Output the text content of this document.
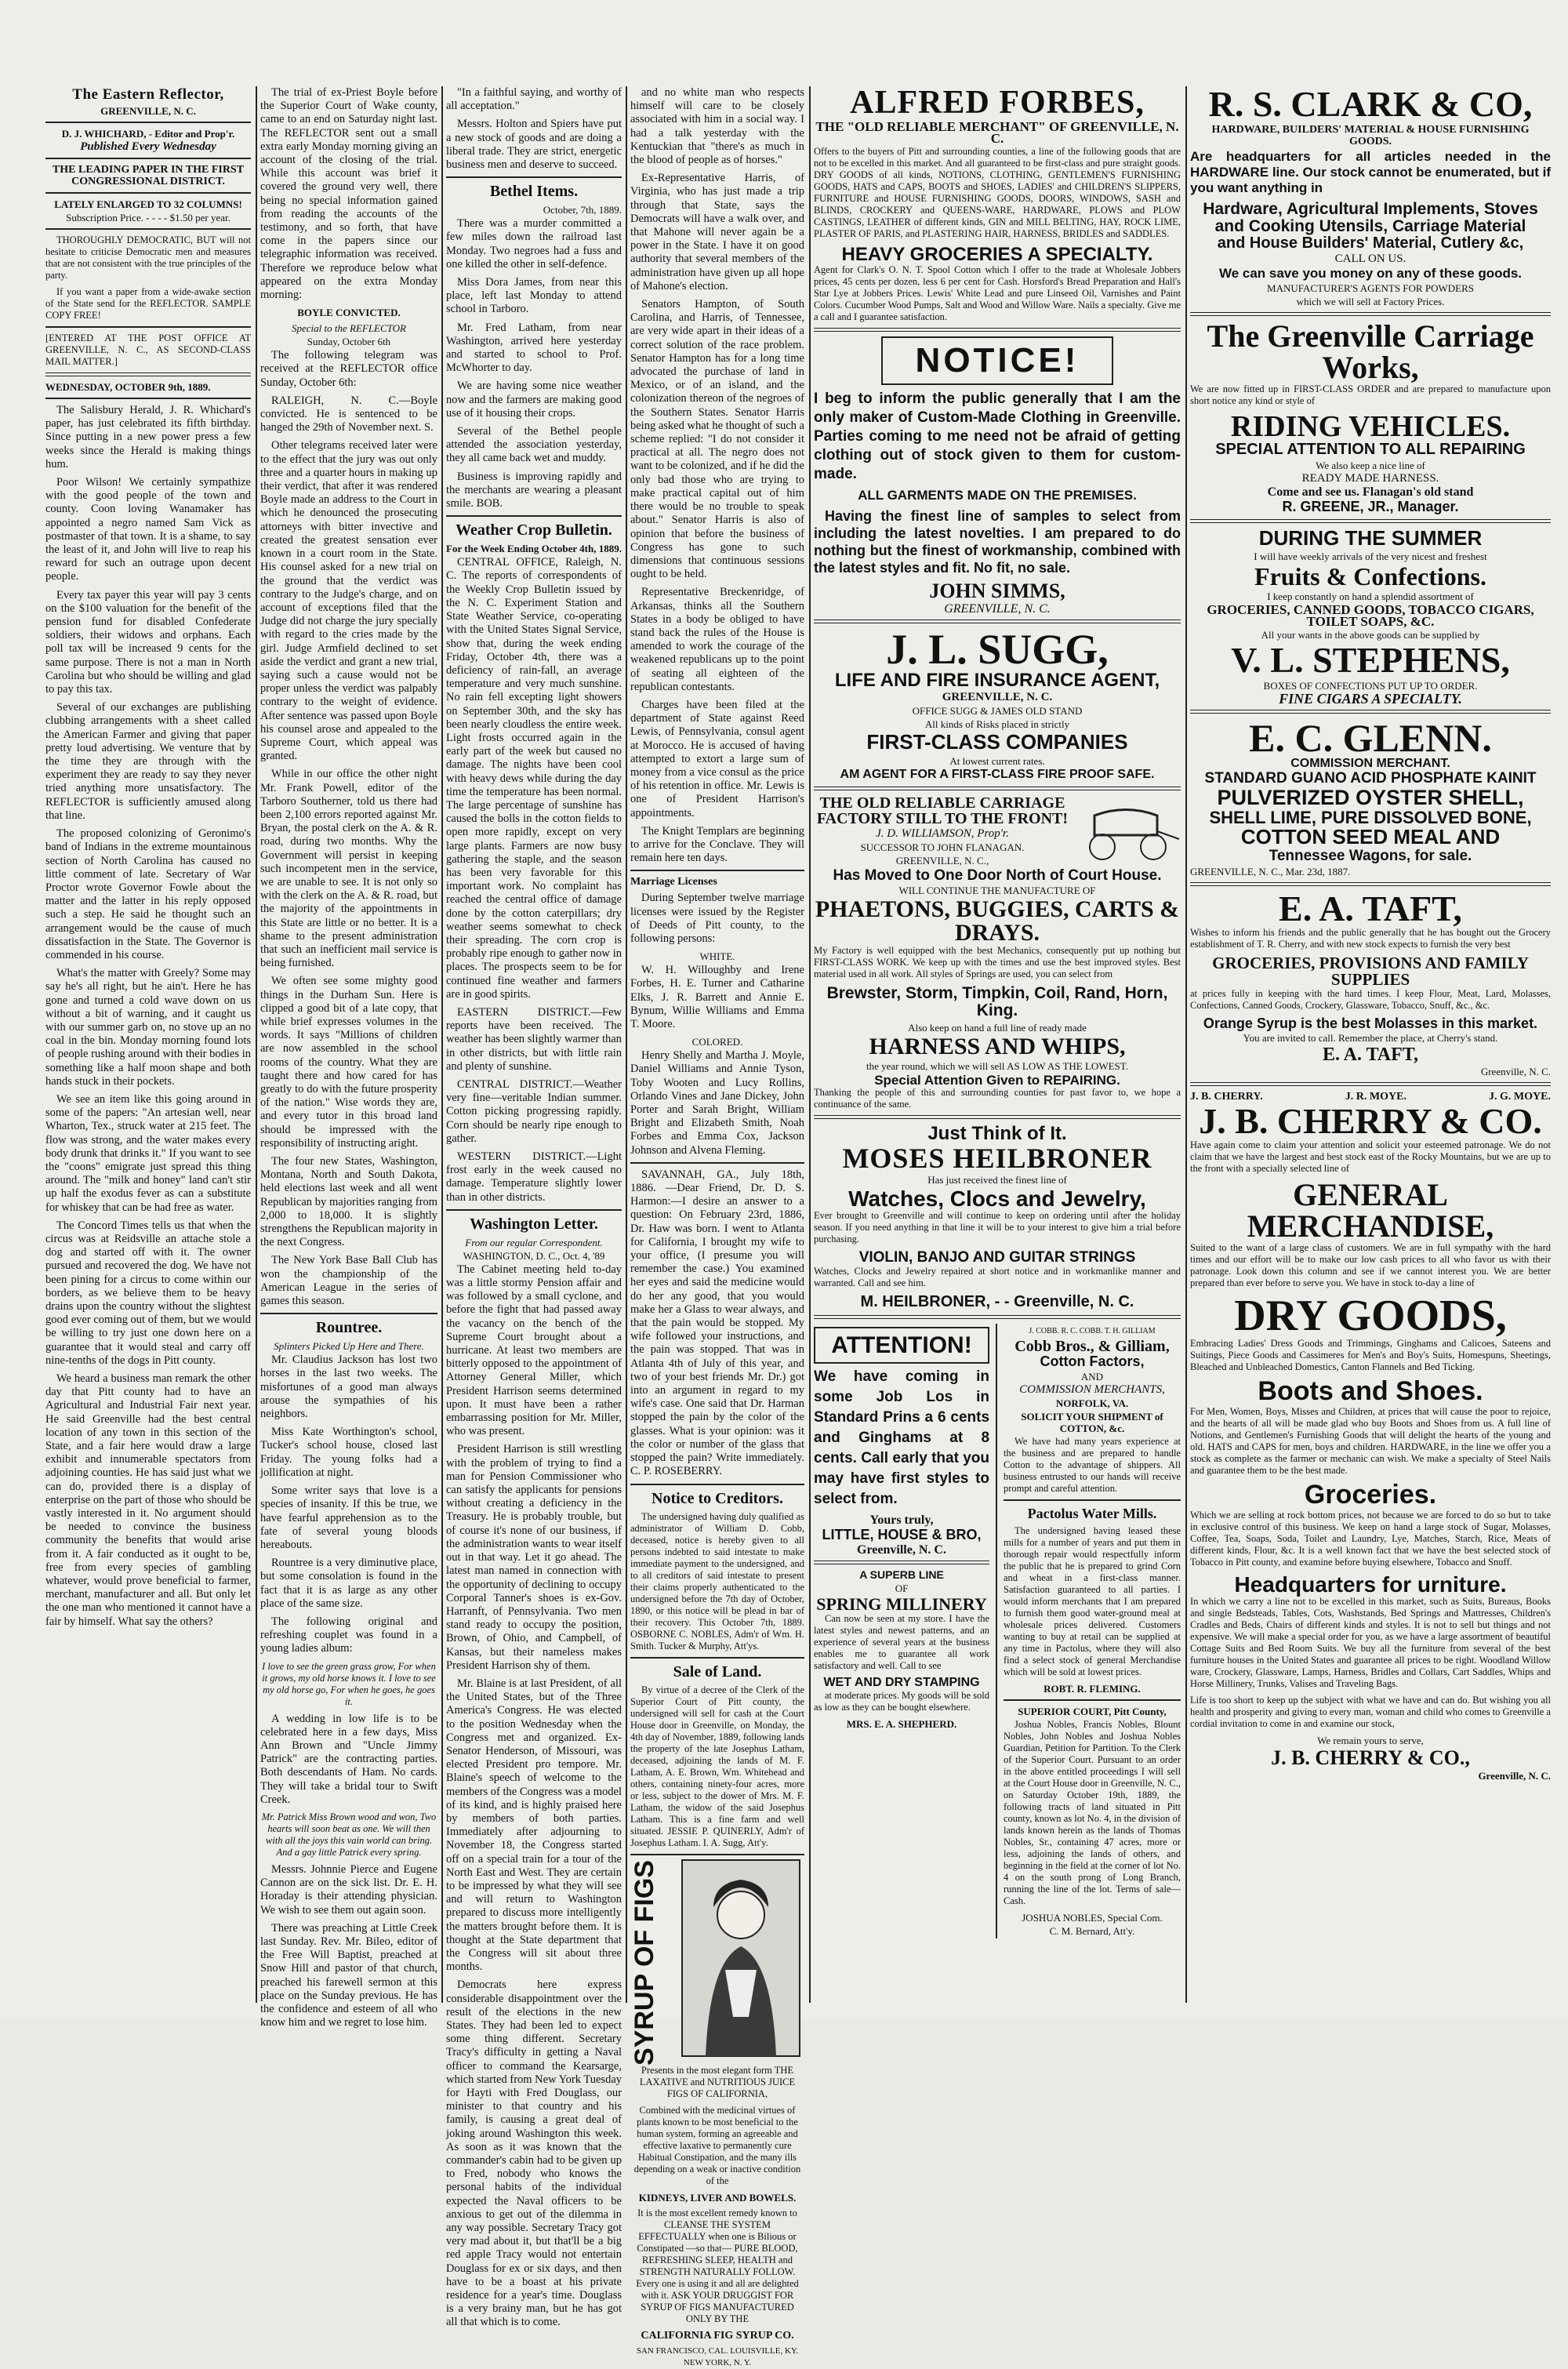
The Eastern Reflector,
GREENVILLE, N. C.
D. J. WHICHARD, - Editor and Prop'r.
Published Every Wednesday
THE LEADING PAPER IN THE FIRST CONGRESSIONAL DISTRICT.
LATELY ENLARGED TO 32 COLUMNS!
Subscription Price. - - - - $1.50 per year.

THOROUGHLY DEMOCRATIC, BUT will not hesitate to criticise Democratic men and measures that are not consistent with the true principles of the party.

If you want a paper from a wide-awake section of the State send for the REFLECTOR. SAMPLE COPY FREE!

[ENTERED AT THE POST OFFICE AT GREENVILLE, N. C., AS SECOND-CLASS MAIL MATTER.]

WEDNESDAY, OCTOBER 9th, 1889.

The Salisbury Herald, J. R. Whichard's paper, has just celebrated its fifth birthday. Since putting in a new power press a few weeks since the Herald is making things hum.

Poor Wilson! We certainly sympathize with the good people of the town and county. Coon loving Wanamaker has appointed a negro named Sam Vick as postmaster of that town. It is a shame, to say the least of it, and John will live to reap his reward for such an outrage upon decent people.

Every tax payer this year will pay 3 cents on the $100 valuation for the benefit of the pension fund for disabled Confederate soldiers, their widows and orphans. Each poll tax will be increased 9 cents for the same purpose. There is not a man in North Carolina but who should be willing and glad to pay this tax.

Several of our exchanges are publishing clubbing arrangements with a sheet called the American Farmer and giving that paper pretty loud advertising. We venture that by the time they are through with the experiment they are ready to say they never tried anything more unsatisfactory. The REFLECTOR is sufficiently amused along that line.

The proposed colonizing of Geronimo's band of Indians in the extreme mountainous section of North Carolina has caused no little comment of late. Secretary of War Proctor wrote Governor Fowle about the matter and the latter in his reply opposed such a step. He said he thought such an arrangement would be the cause of much dissatisfaction in the State. The Governor is commended in his course.

What's the matter with Greely? Some may say he's all right, but he ain't. Here he has gone and turned a cold wave down on us without a bit of warning, and it caught us with our summer garb on, no stove up an no coal in the bin. Monday morning found lots of people rushing around with their bodies in something like a half moon shape and both hands stuck in their pockets.

We see an item like this going around in some of the papers: "An artesian well, near Wharton, Tex., struck water at 215 feet. The flow was strong, and the water makes every body drunk that drinks it." If you want to see the "coons" emigrate just spread this thing around. The "milk and honey" land can't stir up half the exodus fever as can a substitute for whiskey that can be had free as water.

The Concord Times tells us that when the circus was at Reidsville an attache stole a dog and started off with it. The owner pursued and recovered the dog. We have not been pining for a circus to come within our borders, as we believe them to be heavy drains upon the country without the slightest good ever coming out of them, but we would be willing to try just one down here on a guarantee that it would steal and carry off nine-tenths of the dogs in Pitt county.

We heard a business man remark the other day that Pitt county had to have an Agricultural and Industrial Fair next year. He said Greenville had the best central location of any town in this section of the State, and a fair here would draw a large exhibit and innumerable spectators from adjoining counties. He has said just what we can do, provided there is a display of enterprise on the part of those who should be vastly interested in it. No argument should be needed to convince the business community the benefits that would arise from it. A fair conducted as it ought to be, free from every species of gambling whatever, would prove beneficial to farmer, merchant, manufacturer and all. But only let the one man who mentioned it cannot have a fair by himself. What say the others?

The trial of ex-Priest Boyle before the Superior Court of Wake county, came to an end on Saturday night last. The REFLECTOR sent out a small extra early Monday morning giving an account of the closing of the trial. While this account was brief it covered the ground very well, there being no special information gained from reading the accounts of the testimony, and so forth, that have come in the papers since our telegraphic information was received. Therefore we reproduce below what appeared on the extra Monday morning:

BOYLE CONVICTED.
Special to the REFLECTOR
Sunday, October 6th

The following telegram was received at the REFLECTOR office Sunday, October 6th:

RALEIGH, N. C.—Boyle convicted. He is sentenced to be hanged the 29th of November next. S.

Other telegrams received later were to the effect that the jury was out only three and a quarter hours in making up their verdict, that after it was rendered Boyle made an address to the Court in which he denounced the prosecuting attorneys with bitter invective and created the greatest sensation ever known in a court room in the State. His counsel asked for a new trial on the ground that the verdict was contrary to the Judge's charge, and on account of exceptions filed that the Judge did not charge the jury specially with regard to the cries made by the girl. Judge Armfield declined to set aside the verdict and grant a new trial, saying such a cause would not be proper unless the verdict was palpably contrary to the weight of evidence. After sentence was passed upon Boyle his counsel arose and appealed to the Supreme Court, which appeal was granted.

While in our office the other night Mr. Frank Powell, editor of the Tarboro Southerner, told us there had been 2,100 errors reported against Mr. Bryan, the postal clerk on the A. & R. road, during two months. Why the Government will persist in keeping such incompetent men in the service, we are unable to see. It is not only so with the clerk on the A. & R. road, but the majority of the appointments in this State are little or no better. It is a shame to the present administration that such an inefficient mail service is being furnished.

We often see some mighty good things in the Durham Sun. Here is clipped a good bit of a late copy, that while brief expresses volumes in the words. It says "Millions of children are now assembled in the school rooms of the country. What they are taught there and how cared for has greatly to do with the future prosperity of the nation." Wise words they are, and every tutor in this broad land should be impressed with the responsibility of instructing aright.

The four new States, Washington, Montana, North and South Dakota, held elections last week and all went Republican by majorities ranging from 2,000 to 18,000. It is slightly strengthens the Republican majority in the next Congress.

The New York Base Ball Club has won the championship of the American League in the series of games this season.

Rountree.
Splinters Picked Up Here and There.

Mr. Claudius Jackson has lost two horses in the last two weeks. The misfortunes of a good man always arouse the sympathies of his neighbors.

Miss Kate Worthington's school, Tucker's school house, closed last Friday. The young folks had a jollification at night.

Some writer says that love is a species of insanity. If this be true, we have fearful apprehension as to the fate of several young bloods hereabouts.

Rountree is a very diminutive place, but some consolation is found in the fact that it is as large as any other place of the same size.

The following original and refreshing couplet was found in a young ladies album:

I love to see the green grass grow, For when it grows, my old horse knows it. I love to see my old horse go, For when he goes, he goes it.

A wedding in low life is to be celebrated here in a few days, Miss Ann Brown and "Uncle Jimmy Patrick" are the contracting parties. Both descendants of Ham. No cards. They will take a bridal tour to Swift Creek.

Mr. Patrick Miss Brown wood and won, Two hearts will soon beat as one. We will then with all the joys this vain world can bring. And a gay little Patrick every spring.

Messrs. Johnnie Pierce and Eugene Cannon are on the sick list. Dr. E. H. Horaday is their attending physician. We wish to see them out again soon.

There was preaching at Little Creek last Sunday. Rev. Mr. Bileo, editor of the Free Will Baptist, preached at Snow Hill and pastor of that church, preached his farewell sermon at this place on the Sunday previous. He has the confidence and esteem of all who know him and we regret to lose him.

"In a faithful saying, and worthy of all acceptation."

Messrs. Holton and Spiers have put a new stock of goods and are doing a liberal trade. They are strict, energetic business men and deserve to succeed.

Bethel Items.
October, 7th, 1889.

There was a murder committed a few miles down the railroad last Monday. Two negroes had a fuss and one killed the other in self-defence.

Miss Dora James, from near this place, left last Monday to attend school in Tarboro.

Mr. Fred Latham, from near Washington, arrived here yesterday and started to school to Prof. McWhorter to day.

We are having some nice weather now and the farmers are making good use of it housing their crops.

Several of the Bethel people attended the association yesterday, they all came back wet and muddy.

Business is improving rapidly and the merchants are wearing a pleasant smile. BOB.

Weather Crop Bulletin.
For the Week Ending October 4th, 1889.

CENTRAL OFFICE, Raleigh, N. C. The reports of correspondents of the Weekly Crop Bulletin issued by the N. C. Experiment Station and State Weather Service, co-operating with the United States Signal Service, show that, during the week ending Friday, October 4th, there was a deficiency of rain-fall, an average temperature and very much sunshine. No rain fell excepting light showers on September 30th, and the sky has been nearly cloudless the entire week. Light frosts occurred again in the early part of the week but caused no damage. The nights have been cool with heavy dews while during the day time the temperature has been normal. The large percentage of sunshine has caused the bolls in the cotton fields to open more rapidly, except on very large plants. Farmers are now busy gathering the staple, and the season has been very favorable for this important work. No complaint has reached the central office of damage done by the cotton caterpillars; dry weather seems somewhat to check their spreading. The corn crop is probably ripe enough to gather now in places. The prospects seem to be for continued fine weather and farmers are in good spirits.

EASTERN DISTRICT.—Few reports have been received. The weather has been slightly warmer than in other districts, but with little rain and plenty of sunshine.

CENTRAL DISTRICT.—Weather very fine—veritable Indian summer. Cotton picking progressing rapidly. Corn should be nearly ripe enough to gather.

WESTERN DISTRICT.—Light frost early in the week caused no damage. Temperature slightly lower than in other districts.

Washington Letter.
From our regular Correspondent.
WASHINGTON, D. C., Oct. 4, '89

The Cabinet meeting held to-day was a little stormy Pension affair and was followed by a small cyclone, and before the fight that had passed away the vacancy on the bench of the Supreme Court brought about a hurricane. At least two members are bitterly opposed to the appointment of Attorney General Miller, which President Harrison seems determined upon. It must have been a rather embarrassing position for Mr. Miller, who was present.

President Harrison is still wrestling with the problem of trying to find a man for Pension Commissioner who can satisfy the applicants for pensions without creating a deficiency in the Treasury. He is probably trouble, but of course it's none of our business, if the administration wants to wear itself out in that way. Let it go ahead. The latest man named in connection with the opportunity of declining to occupy Corporal Tanner's shoes is ex-Gov. Harranft, of Pennsylvania. Two men stand ready to occupy the position, Brown, of Ohio, and Campbell, of Kansas, but their nameless makes President Harrison shy of them.

Mr. Blaine is at last President, of all the United States, but of the Three America's Congress. He was elected to the position Wednesday when the Congress met and organized. Ex-Senator Henderson, of Missouri, was elected President pro tempore. Mr. Blaine's speech of welcome to the members of the Congress was a model of its kind, and is highly praised here by members of both parties. Immediately after adjourning to November 18, the Congress started off on a special train for a tour of the North East and West. They are certain to be impressed by what they will see and will return to Washington prepared to discuss more intelligently the matters brought before them. It is thought at the State department that the Congress will sit about three months.

Democrats here express considerable disappointment over the result of the elections in the new States. They had been led to expect some thing different. Secretary Tracy's difficulty in getting a Naval officer to command the Kearsarge, which started from New York Tuesday for Hayti with Fred Douglass, our minister to that country and his family, is causing a great deal of joking around Washington this week. As soon as it was known that the commander's cabin had to be given up to Fred, nobody who knows the personal habits of the individual expected the Naval officers to be anxious to get out of the dilemma in any way possible. Secretary Tracy got very mad about it, but that'll be a big red apple Tracy would not entertain Douglass for ex or six days, and then have to be a boast at his private residence for a year's time. Douglass is a very brainy man, but he has got all that which is to come.

and no white man who respects himself will care to be closely associated with him in a social way. I had a talk yesterday with the Kentuckian that "there's as much in the blood of people as of horses."

Ex-Representative Harris, of Virginia, who has just made a trip through that State, says the Democrats will have a walk over, and that Mahone will never again be a power in the State. I have it on good authority that several members of the administration have given up all hope of Mahone's election.

Senators Hampton, of South Carolina, and Harris, of Tennessee, are very wide apart in their ideas of a correct solution of the race problem. Senator Hampton has for a long time advocated the purchase of land in Mexico, or of an island, and the colonization thereon of the negroes of the Southern States. Senator Harris being asked what he thought of such a scheme replied: "I do not consider it practical at all. The negro does not want to be colonized, and if he did the only bad those who are trying to make practical capital out of him there would be no trouble to speak about." Senator Harris is also of opinion that before the business of Congress has gone to such dimensions that continuous sessions ought to be held.

Representative Breckenridge, of Arkansas, thinks all the Southern States in a body be obliged to have stand back the rules of the House is amended to work the courage of the weakened republicans up to the point of seating all eighteen of the republican contestants.

Charges have been filed at the department of State against Reed Lewis, of Pennsylvania, consul agent at Morocco. He is accused of having attempted to extort a large sum of money from a vice consul as the price of his retention in office. Mr. Lewis is one of President Harrison's appointments.

The Knight Templars are beginning to arrive for the Conclave. They will remain here ten days.

Marriage Licenses

During September twelve marriage licenses were issued by the Register of Deeds of Pitt county, to the following persons:

WHITE.

W. H. Willoughby and Irene Forbes, H. E. Turner and Catharine Elks, J. R. Barrett and Annie E. Bynum, Willie Williams and Emma T. Moore.

COLORED.

Henry Shelly and Martha J. Moyle, Daniel Williams and Annie Tyson, Toby Wooten and Lucy Rollins, Orlando Vines and Jane Dickey, John Porter and Sarah Bright, William Bright and Elizabeth Smith, Noah Forbes and Emma Cox, Jackson Johnson and Alvena Fleming.

SAVANNAH, GA., July 18th, 1886. —Dear Friend, Dr. D. S. Harmon:—I desire an answer to a question: On February 23rd, 1886, Dr. Haw was born. I went to Atlanta for California, I brought my wife to your office, (I presume you will remember the case.) You examined her eyes and said the medicine would do her any good, that you would make her a Glass to wear always, and that the pain would be stopped. My wife followed your instructions, and the pain was stopped. That was in Atlanta 4th of July of this year, and two of your best friends Mr. Dr.) got into an argument in regard to my wife's case. One said that Dr. Harman stopped the pain by the color of the glasses. What is your opinion: was it the color or number of the glass that stopped the pain? Write immediately. C. P. ROSEBERRY.

Notice to Creditors.

The undersigned having duly qualified as administrator of William D. Cobb, deceased, notice is hereby given to all persons indebted to said intestate to make immediate payment to the undersigned, and to all creditors of said intestate to present their claims properly authenticated to the undersigned before the 7th day of October, 1890, or this notice will be plead in bar of their recovery. This October 7th, 1889. OSBORNE C. NOBLES, Adm'r of Wm. H. Smith. Tucker & Murphy, Att'ys.

Sale of Land.

By virtue of a decree of the Clerk of the Superior Court of Pitt county, the undersigned will sell for cash at the Court House door in Greenville, on Monday, the 4th day of November, 1889, following lands the property of the late Josephus Latham, deceased, adjoining the lands of M. F. Latham, A. E. Brown, Wm. Whitehead and others, containing ninety-four acres, more or less, subject to the dower of Mrs. M. F. Latham, the widow of the said Josephus Latham. This is a fine farm and well situated. JESSIE P. QUINERLY, Adm'r of Josephus Latham. I. A. Sugg, Att'y.

SYRUP OF FIGS

Presents in the most elegant form THE LAXATIVE and NUTRITIOUS JUICE FIGS OF CALIFORNIA,

Combined with the medicinal virtues of plants known to be most beneficial to the human system, forming an agreeable and effective laxative to permanently cure Habitual Constipation, and the many ills depending on a weak or inactive condition of the

KIDNEYS, LIVER AND BOWELS.

It is the most excellent remedy known to CLEANSE THE SYSTEM EFFECTUALLY when one is Bilious or Constipated —so that— PURE BLOOD, REFRESHING SLEEP, HEALTH and STRENGTH NATURALLY FOLLOW. Every one is using it and all are delighted with it. ASK YOUR DRUGGIST FOR SYRUP OF FIGS MANUFACTURED ONLY BY THE

CALIFORNIA FIG SYRUP CO.
SAN FRANCISCO, CAL. LOUISVILLE, KY. NEW YORK, N. Y.
ALFRED FORBES,
THE "OLD RELIABLE MERCHANT" OF GREENVILLE, N. C.

Offers to the buyers of Pitt and surrounding counties, a line of the following goods that are not to be excelled in this market. And all guaranteed to be first-class and pure straight goods. DRY GOODS of all kinds, NOTIONS, CLOTHING, GENTLEMEN'S FURNISHING GOODS, HATS and CAPS, BOOTS and SHOES, LADIES' and CHILDREN'S SLIPPERS, FURNITURE and HOUSE FURNISHING GOODS, DOORS, WINDOWS, SASH and BLINDS, CROCKERY and QUEENS-WARE, HARDWARE, PLOWS and PLOW CASTINGS, LEATHER of different kinds, GIN and MILL BELTING, HAY, ROCK LIME, PLASTER OF PARIS, and PLASTERING HAIR, HARNESS, BRIDLES and SADDLES.

HEAVY GROCERIES A SPECIALTY.

Agent for Clark's O. N. T. Spool Cotton which I offer to the trade at Wholesale Jobbers prices, 45 cents per dozen, less 6 per cent for Cash. Horsford's Bread Preparation and Hall's Star Lye at Jobbers Prices. Lewis' White Lead and pure Linseed Oil, Varnishes and Paint Colors. Cucumber Wood Pumps, Salt and Wood and Willow Ware. Nails a specialty. Give me a call and I guarantee satisfaction.

NOTICE!

I beg to inform the public generally that I am the only maker of Custom-Made Clothing in Greenville. Parties coming to me need not be afraid of getting clothing out of stock given to them for custom-made.

ALL GARMENTS MADE ON THE PREMISES.

Having the finest line of samples to select from including the latest novelties. I am prepared to do nothing but the finest of workmanship, combined with the latest styles and fit. No fit, no sale.

JOHN SIMMS,
GREENVILLE, N. C.
J. L. SUGG,
LIFE AND FIRE INSURANCE AGENT,
GREENVILLE, N. C.
OFFICE SUGG & JAMES OLD STAND
All kinds of Risks placed in strictly
FIRST-CLASS COMPANIES
At lowest current rates.
AM AGENT FOR A FIRST-CLASS FIRE PROOF SAFE.
THE OLD RELIABLE CARRIAGE FACTORY STILL TO THE FRONT!
J. D. WILLIAMSON, Prop'r.
SUCCESSOR TO JOHN FLANAGAN.
GREENVILLE, N. C.,
Has Moved to One Door North of Court House.
WILL CONTINUE THE MANUFACTURE OF
PHAETONS, BUGGIES, CARTS & DRAYS.

My Factory is well equipped with the best Mechanics, consequently put up nothing but FIRST-CLASS WORK. We keep up with the times and use the best improved styles. Best material used in all work. All styles of Springs are used, you can select from

Brewster, Storm, Timpkin, Coil, Rand, Horn, King.
Also keep on hand a full line of ready made
HARNESS AND WHIPS,
the year round, which we will sell AS LOW AS THE LOWEST.
Special Attention Given to REPAIRING.

Thanking the people of this and surrounding counties for past favor to, we hope a continuance of the same.

Just Think of It.
MOSES HEILBRONER
Has just received the finest line of
Watches, Clocs and Jewelry,

Ever brought to Greenville and will continue to keep on ordering until after the holiday season. If you need anything in that line it will be to your interest to give him a trial before purchasing.

VIOLIN, BANJO AND GUITAR STRINGS

Watches, Clocks and Jewelry repaired at short notice and in workmanlike manner and warranted. Call and see him.

M. HEILBRONER, - - Greenville, N. C.
ATTENTION!

We have coming in some Job Los in Standard Prins a 6 cents and Ginghams at 8 cents. Call early that you may have first styles to select from.

Yours truly,
LITTLE, HOUSE & BRO,
Greenville, N. C.
A SUPERB LINE
OF
SPRING MILLINERY

Can now be seen at my store. I have the latest styles and newest patterns, and an experience of several years at the business enables me to guarantee all work satisfactory and well. Call to see

WET AND DRY STAMPING

at moderate prices. My goods will be sold as low as they can be bought elsewhere.

MRS. E. A. SHEPHERD.
J. COBB. R. C. COBB. T. H. GILLIAM
Cobb Bros., & Gilliam,
Cotton Factors,
AND
COMMISSION MERCHANTS,
NORFOLK, VA.
SOLICIT YOUR SHIPMENT of COTTON, &c.

We have had many years experience at the business and are prepared to handle Cotton to the advantage of shippers. All business entrusted to our hands will receive prompt and careful attention.

Pactolus Water Mills.

The undersigned having leased these mills for a number of years and put them in thorough repair would respectfully inform the public that he is prepared to grind Corn and wheat in a first-class manner. Satisfaction guaranteed to all parties. I would inform merchants that I am prepared to furnish them good water-ground meal at wholesale prices delivered. Customers wanting to buy at retail can be supplied at any time in Pactolus, where they will also find a select stock of general Merchandise which will be sold at lowest prices.

ROBT. R. FLEMING.
SUPERIOR COURT, Pitt County,

Joshua Nobles, Francis Nobles, Blount Nobles, John Nobles and Joshua Nobles Guardian, Petition for Partition. To the Clerk of the Superior Court. Pursuant to an order in the above entitled proceedings I will sell at the Court House door in Greenville, N. C., on Saturday October 19th, 1889, the following tracts of land situated in Pitt county, known as lot No. 4, in the division of lands known herein as the lands of Thomas Nobles, Sr., containing 47 acres, more or less, adjoining the lands of others, and beginning in the field at the corner of lot No. 4 on the south prong of Long Branch, running the line of the lot. Terms of sale—Cash.

JOSHUA NOBLES, Special Com.
C. M. Bernard, Att'y.
R. S. CLARK & CO,
HARDWARE, BUILDERS' MATERIAL & HOUSE FURNISHING GOODS.

Are headquarters for all articles needed in the HARDWARE line. Our stock cannot be enumerated, but if you want anything in

Hardware, Agricultural Implements, Stoves and Cooking Utensils, Carriage Material
and House Builders' Material, Cutlery &c,
CALL ON US.
We can save you money on any of these goods.
MANUFACTURER'S AGENTS FOR POWDERS
which we will sell at Factory Prices.
The Greenville Carriage Works,

We are now fitted up in FIRST-CLASS ORDER and are prepared to manufacture upon short notice any kind or style of

RIDING VEHICLES.
SPECIAL ATTENTION TO ALL REPAIRING
We also keep a nice line of
READY MADE HARNESS.
Come and see us. Flanagan's old stand
R. GREENE, JR., Manager.
DURING THE SUMMER
I will have weekly arrivals of the very nicest and freshest
Fruits & Confections.
I keep constantly on hand a splendid assortment of
GROCERIES, CANNED GOODS, TOBACCO CIGARS, TOILET SOAPS, &C.
All your wants in the above goods can be supplied by
V. L. STEPHENS,
BOXES OF CONFECTIONS PUT UP TO ORDER.
FINE CIGARS A SPECIALTY.
E. C. GLENN.
COMMISSION MERCHANT.
STANDARD GUANO ACID PHOSPHATE KAINIT
PULVERIZED OYSTER SHELL,
SHELL LIME, PURE DISSOLVED BONE,
COTTON SEED MEAL AND
Tennessee Wagons, for sale.
GREENVILLE, N. C., Mar. 23d, 1887.
E. A. TAFT,

Wishes to inform his friends and the public generally that he has bought out the Grocery establishment of T. R. Cherry, and with new stock expects to furnish the very best

GROCERIES, PROVISIONS AND FAMILY SUPPLIES

at prices fully in keeping with the hard times. I keep Flour, Meat, Lard, Molasses, Confections, Canned Goods, Crockery, Glassware, Tobacco, Snuff, &c., &c.

Orange Syrup is the best Molasses in this market.
You are invited to call. Remember the place, at Cherry's stand.
E. A. TAFT,
Greenville, N. C.
J. B. CHERRY.	J. R. MOYE.	J. G. MOYE.
J. B. CHERRY & CO.

Have again come to claim your attention and solicit your esteemed patronage. We do not claim that we have the largest and best stock east of the Rocky Mountains, but we are up to the front with a specially selected line of

GENERAL MERCHANDISE,

Suited to the want of a large class of customers. We are in full sympathy with the hard times and our effort will be to make our low cash prices to all who favor us with their patronage. Look down this column and see if we cannot interest you. We are better prepared than ever before to serve you. We have in stock to-day a line of

DRY GOODS,

Embracing Ladies' Dress Goods and Trimmings, Ginghams and Calicoes, Sateens and Suitings, Piece Goods and Cassimeres for Men's and Boy's Suits, Homespuns, Sheetings, Bleached and Unbleached Domestics, Canton Flannels and Bed Ticking.

Boots and Shoes.

For Men, Women, Boys, Misses and Children, at prices that will cause the poor to rejoice, and the hearts of all will be made glad who buy Boots and Shoes from us. A full line of Notions, and Gentlemen's Furnishing Goods that will delight the hearts of the young and old. HATS and CAPS for men, boys and children. HARDWARE, in the line we offer you a stock as complete as the farmer or mechanic can wish. We make a specialty of Steel Nails and guarantee them to be the best made.

Groceries.

Which we are selling at rock bottom prices, not because we are forced to do so but to take in exclusive control of this business. We keep on hand a large stock of Sugar, Molasses, Coffee, Tea, Soaps, Soda, Toilet and Laundry, Lye, Matches, Starch, Rice, Meats of different kinds, Flour, &c. It is a well known fact that we have the best selected stock of Tobacco in Pitt county, and examine before buying elsewhere, Tobacco and Snuff.

Headquarters for urniture.

In which we carry a line not to be excelled in this market, such as Suits, Bureaus, Books and single Bedsteads, Tables, Cots, Washstands, Bed Springs and Mattresses, Children's Cradles and Beds, Chairs of different kinds and styles. It is not to sell but things and not expensive. We will make a special order for you, as we have a large assortment of beautiful Cottage Suits and Bed Room Suits. We buy all the furniture from several of the best furniture houses in the United States and guarantee all prices to be right. Woodland Willow ware, Crockery, Glassware, Lamps, Harness, Bridles and Collars, Cart Saddles, Whips and Horse Millinery, Trunks, Valises and Traveling Bags.

Life is too short to keep up the subject with what we have and can do. But wishing you all health and prosperity and giving to every man, woman and child who comes to Greenville a cordial invitation to come in and examine our stock,

We remain yours to serve,
J. B. CHERRY & CO.,
Greenville, N. C.
